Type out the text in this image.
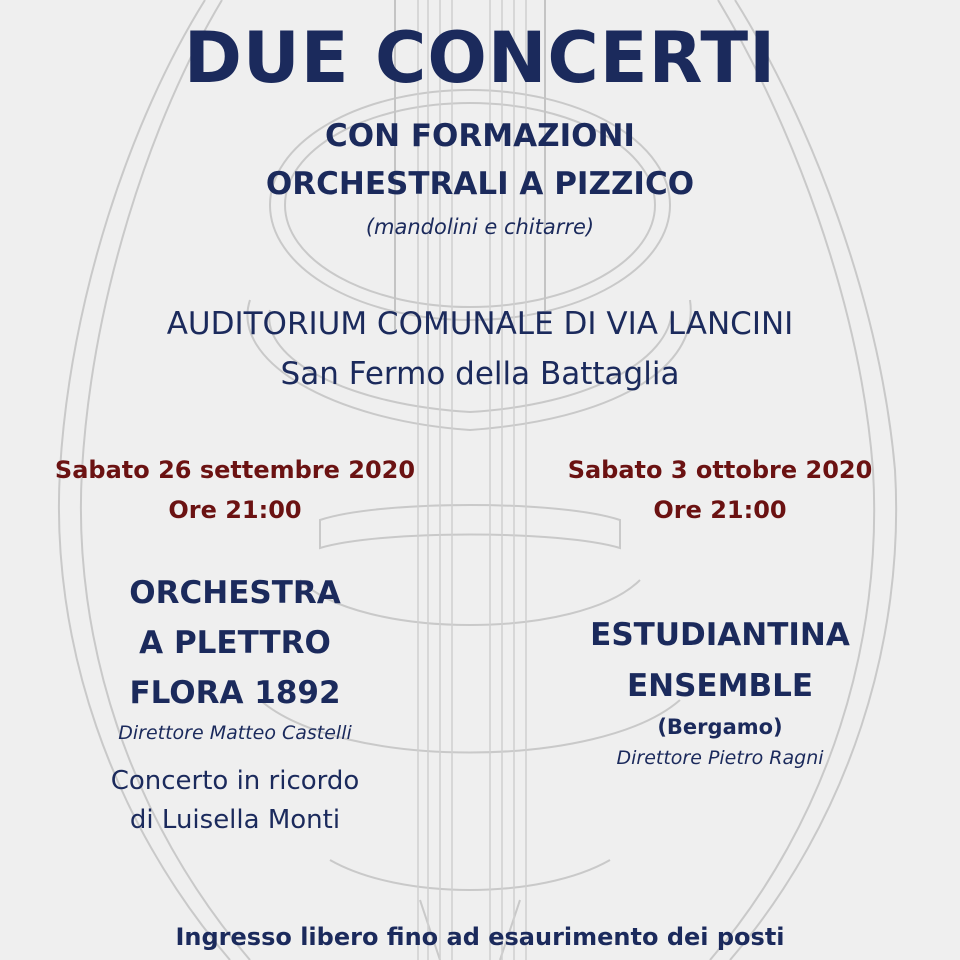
DUE CONCERTI
CON FORMAZIONI
ORCHESTRALI A PIZZICO
(mandolini e chitarre)
AUDITORIUM COMUNALE DI VIA LANCINI
San Fermo della Battaglia
Sabato 26 settembre 2020
Ore 21:00
ORCHESTRA
A PLETTRO
FLORA 1892
Direttore Matteo Castelli
Concerto in ricordo
di Luisella Monti
Sabato 3 ottobre 2020
Ore 21:00
ESTUDIANTINA
ENSEMBLE
(Bergamo)
Direttore Pietro Ragni
Ingresso libero fino ad esaurimento dei posti
